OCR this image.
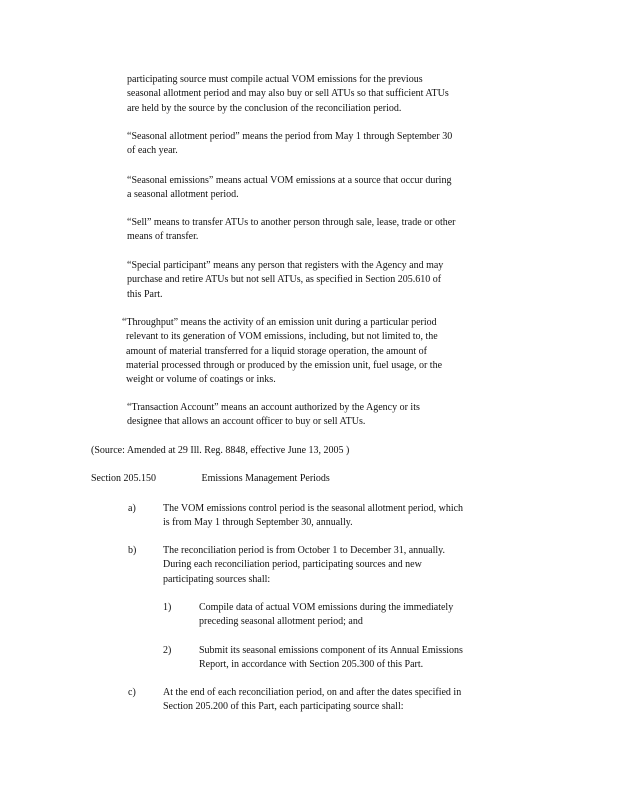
participating source must compile actual VOM emissions for the previous
seasonal allotment period and may also buy or sell ATUs so that sufficient ATUs
are held by the source by the conclusion of the reconciliation period.

“Seasonal allotment period” means the period from May 1 through September 30
of each year.

“Seasonal emissions” means actual VOM emissions at a source that occur during
a seasonal allotment period.

“Sell” means to transfer ATUs to another person through sale, lease, trade or other
means of transfer.

“Special participant” means any person that registers with the Agency and may
purchase and retire ATUs but not sell ATUs, as specified in Section 205.610 of
this Part.

“Throughput” means the activity of an emission unit during a particular period
relevant to its generation of VOM emissions, including, but not limited to, the
amount of material transferred for a liquid storage operation, the amount of
material processed through or produced by the emission unit, fuel usage, or the
weight or volume of coatings or inks.

“Transaction Account” means an account authorized by the Agency or its
designee that allows an account officer to buy or sell ATUs.

(Source: Amended at 29 Ill. Reg. 8848, effective June 13, 2005 )

Section 205.150	Emissions Management Periods

a)	The VOM emissions control period is the seasonal allotment period, which
is from May 1 through September 30, annually.

b)	The reconciliation period is from October 1 to December 31, annually.
During each reconciliation period, participating sources and new
participating sources shall:

1)	Compile data of actual VOM emissions during the immediately
preceding seasonal allotment period; and

2)	Submit its seasonal emissions component of its Annual Emissions
Report, in accordance with Section 205.300 of this Part.

c)	At the end of each reconciliation period, on and after the dates specified in
Section 205.200 of this Part, each participating source shall:
